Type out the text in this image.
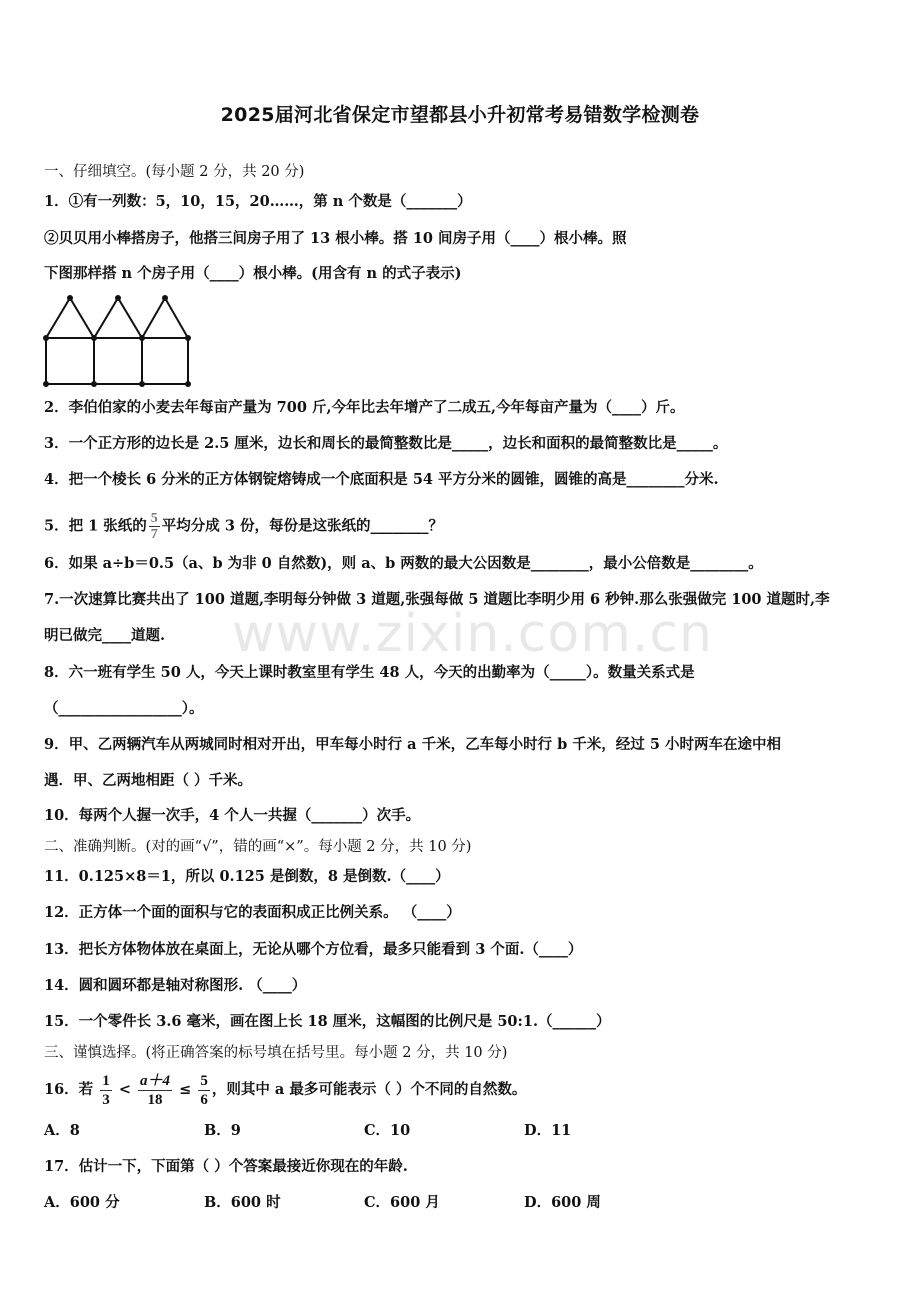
2025届河北省保定市望都县小升初常考易错数学检测卷
www.zixin.com.cn
一、仔细填空。(每小题 2 分，共 20 分)
1．①有一列数：5，10，15，20……，第 n 个数是（_______）
②贝贝用小棒搭房子，他搭三间房子用了 13 根小棒。搭 10 间房子用（____）根小棒。照
下图那样搭 n 个房子用（____）根小棒。(用含有 n 的式子表示)
2．李伯伯家的小麦去年每亩产量为 700 斤,今年比去年增产了二成五,今年每亩产量为（____）斤。
3．一个正方形的边长是 2.5 厘米，边长和周长的最简整数比是_____，边长和面积的最简整数比是_____。
4．把一个棱长 6 分米的正方体钢锭熔铸成一个底面积是 54 平方分米的圆锥，圆锥的高是________分米.
5．把 1 张纸的 $\frac{5}{7}$ 平均分成 3 份，每份是这张纸的________？
6．如果 a÷b＝0.5（a、b 为非 0 自然数)，则 a、b 两数的最大公因数是________，最小公倍数是________。
7.一次速算比赛共出了 100 道题,李明每分钟做 3 道题,张强每做 5 道题比李明少用 6 秒钟.那么张强做完 100 道题时,李
明已做完____道题.
8．六一班有学生 50 人，今天上课时教室里有学生 48 人，今天的出勤率为（_____）。数量关系式是
（_________________）。
9．甲、乙两辆汽车从两城同时相对开出，甲车每小时行 a 千米，乙车每小时行 b 千米，经过 5 小时两车在途中相
遇．甲、乙两地相距（ ）千米。
10．每两个人握一次手，4 个人一共握（_______）次手。
二、准确判断。(对的画“√”，错的画“×”。每小题 2 分，共 10 分)
11．0.125×8＝1，所以 0.125 是倒数，8 是倒数.（____）
12．正方体一个面的面积与它的表面积成正比例关系。 （____）
13．把长方体物体放在桌面上，无论从哪个方位看，最多只能看到 3 个面.（____）
14．圆和圆环都是轴对称图形. （____）
15．一个零件长 3.6 毫米，画在图上长 18 厘米，这幅图的比例尺是 50:1.（______）
三、谨慎选择。(将正确答案的标号填在括号里。每小题 2 分，共 10 分)
16．若 $\frac{1}{3} < \frac{a+4}{18} \le \frac{5}{6}$ ，则其中 a 最多可能表示（ ）个不同的自然数。
A．8	B．9	C．10	D．11
17．估计一下，下面第（ ）个答案最接近你现在的年龄.
A．600 分	B．600 时	C．600 月	D．600 周
